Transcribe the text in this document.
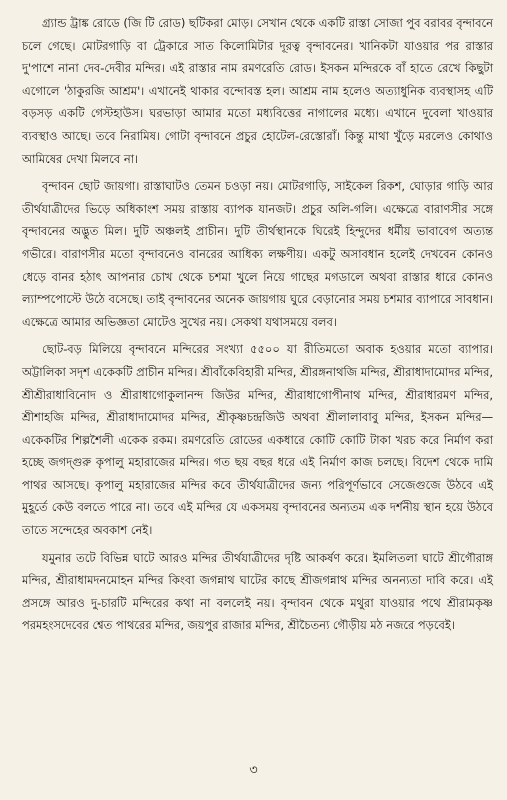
গ্র্যান্ড ট্রাঙ্ক রোডে (জি টি রোড) ছটিকরা মোড়। সেখান থেকে একটি রাস্তা সোজা পুব বরাবর বৃন্দাবনে চলে গেছে। মোটরগাড়ি বা ট্রেকারে সাত কিলোমিটার দূরত্ব বৃন্দাবনের। খানিকটা যাওয়ার পর রাস্তার দু'পাশে নানা দেব-দেবীর মন্দির। এই রাস্তার নাম রমণরেতি রোড। ইসকন মন্দিরকে বাঁ হাতে রেখে কিছুটা এগোলে 'ঠাকুরজি আশ্রম'। এখানেই থাকার বন্দোবস্ত হল। আশ্রম নাম হলেও অত্যাধুনিক ব্যবস্থাসহ এটি বড়সড় একটি গেস্টহাউস। ঘরভাড়া আমার মতো মধ্যবিত্তের নাগালের মধ্যে। এখানে দুবেলা খাওয়ার ব্যবস্থাও আছে। তবে নিরামিষ। গোটা বৃন্দাবনে প্রচুর হোটেল-রেস্তোরাঁ। কিন্তু মাথা খুঁড়ে মরলেও কোথাও আমিষের দেখা মিলবে না।

বৃন্দাবন ছোট জায়গা। রাস্তাঘাটও তেমন চওড়া নয়। মোটরগাড়ি, সাইকেল রিকশ, ঘোড়ার গাড়ি আর তীর্থযাত্রীদের ভিড়ে অধিকাংশ সময় রাস্তায় ব্যাপক যানজট। প্রচুর অলি-গলি। এক্ষেত্রে বারাণসীর সঙ্গে বৃন্দাবনের অদ্ভুত মিল। দুটি অঞ্চলই প্রাচীন। দুটি তীর্থস্থানকে ঘিরেই হিন্দুদের ধর্মীয় ভাবাবেগ অত্যন্ত গভীরে। বারাণসীর মতো বৃন্দাবনেও বানরের আধিক্য লক্ষণীয়। একটু অসাবধান হলেই দেখবেন কোনও ধেড়ে বানর হঠাৎ আপনার চোখ থেকে চশমা খুলে নিয়ে গাছের মগডালে অথবা রাস্তার ধারে কোনও ল্যাম্পপোস্টে উঠে বসেছে। তাই বৃন্দাবনের অনেক জায়গায় ঘুরে বেড়ানোর সময় চশমার ব্যাপারে সাবধান। এক্ষেত্রে আমার অভিজ্ঞতা মোটেও সুখের নয়। সেকথা যথাসময়ে বলব।

ছোট-বড় মিলিয়ে বৃন্দাবনে মন্দিরের সংখ্যা ৫৫০০ যা রীতিমতো অবাক হওয়ার মতো ব্যাপার। অট্টালিকা সদৃশ একেকটি প্রাচীন মন্দির। শ্রীবাঁকেবিহারী মন্দির, শ্রীরঙ্গনাথজি মন্দির, শ্রীরাধাদামোদর মন্দির, শ্রীশ্রীরাধাবিনোদ ও শ্রীরাধাগোকুলানন্দ জিউর মন্দির, শ্রীরাধাগোপীনাথ মন্দির, শ্রীরাধারমণ মন্দির, শ্রীশাহজি মন্দির, শ্রীরাধাদামোদর মন্দির, শ্রীকৃষ্ণচন্দ্রজিউ অথবা শ্রীলালাবাবু মন্দির, ইসকন মন্দির— একেকটির শিল্পশৈলী একেক রকম। রমণরেতি রোডের একধারে কোটি কোটি টাকা খরচ করে নির্মাণ করা হচ্ছে জগদ্গুরু কৃপালু মহারাজের মন্দির। গত ছয় বছর ধরে এই নির্মাণ কাজ চলছে। বিদেশ থেকে দামি পাথর আসছে। কৃপালু মহারাজের মন্দির কবে তীর্থযাত্রীদের জন্য পরিপূর্ণভাবে সেজেগুজে উঠবে এই মুহূর্তে কেউ বলতে পারে না। তবে এই মন্দির যে একসময় বৃন্দাবনের অন্যতম এক দর্শনীয় স্থান হয়ে উঠবে তাতে সন্দেহের অবকাশ নেই।

যমুনার তটে বিভিন্ন ঘাটে আরও মন্দির তীর্থযাত্রীদের দৃষ্টি আকর্ষণ করে। ইমলিতলা ঘাটে শ্রীগৌরাঙ্গ মন্দির, শ্রীরাধামদনমোহন মন্দির কিংবা জগন্নাথ ঘাটের কাছে শ্রীজগন্নাথ মন্দির অনন্যতা দাবি করে। এই প্রসঙ্গে আরও দু-চারটি মন্দিরের কথা না বললেই নয়। বৃন্দাবন থেকে মথুরা যাওয়ার পথে শ্রীরামকৃষ্ণ পরমহংসদেবের শ্বেত পাথরের মন্দির, জয়পুর রাজার মন্দির, শ্রীচৈতন্য গৌড়ীয় মঠ নজরে পড়বেই।

৩
